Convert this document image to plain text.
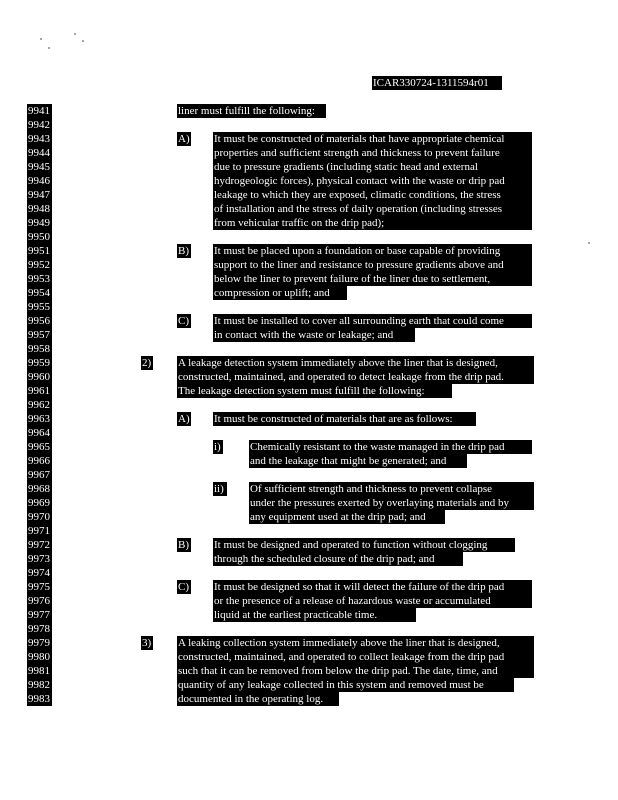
ICAR330724-1311594r01
9941
9942
9943
9944
9945
9946
9947
9948
9949
9950
9951
9952
9953
9954
9955
9956
9957
9958
9959
9960
9961
9962
9963
9964
9965
9966
9967
9968
9969
9970
9971
9972
9973
9974
9975
9976
9977
9978
9979
9980
9981
9982
9983
liner must fulfill the following:
A) It must be constructed of materials that have appropriate chemical
properties and sufficient strength and thickness to prevent failure
due to pressure gradients (including static head and external
hydrogeologic forces), physical contact with the waste or drip pad
leakage to which they are exposed, climatic conditions, the stress
of installation and the stress of daily operation (including stresses
from vehicular traffic on the drip pad);
B) It must be placed upon a foundation or base capable of providing
support to the liner and resistance to pressure gradients above and
below the liner to prevent failure of the liner due to settlement,
compression or uplift; and
C) It must be installed to cover all surrounding earth that could come
in contact with the waste or leakage; and
2) A leakage detection system immediately above the liner that is designed,
constructed, maintained, and operated to detect leakage from the drip pad.
The leakage detection system must fulfill the following:
A) It must be constructed of materials that are as follows:
i)	Chemically resistant to the waste managed in the drip pad
and the leakage that might be generated; and
ii) Of sufficient strength and thickness to prevent collapse
under the pressures exerted by overlaying materials and by
any equipment used at the drip pad; and
B) It must be designed and operated to function without clogging
through the scheduled closure of the drip pad; and
C) It must be designed so that it will detect the failure of the drip pad
or the presence of a release of hazardous waste or accumulated
liquid at the earliest practicable time.
3) A leaking collection system immediately above the liner that is designed,
constructed, maintained, and operated to collect leakage from the drip pad
such that it can be removed from below the drip pad. The date, time, and
quantity of any leakage collected in this system and removed must be
documented in the operating log.
